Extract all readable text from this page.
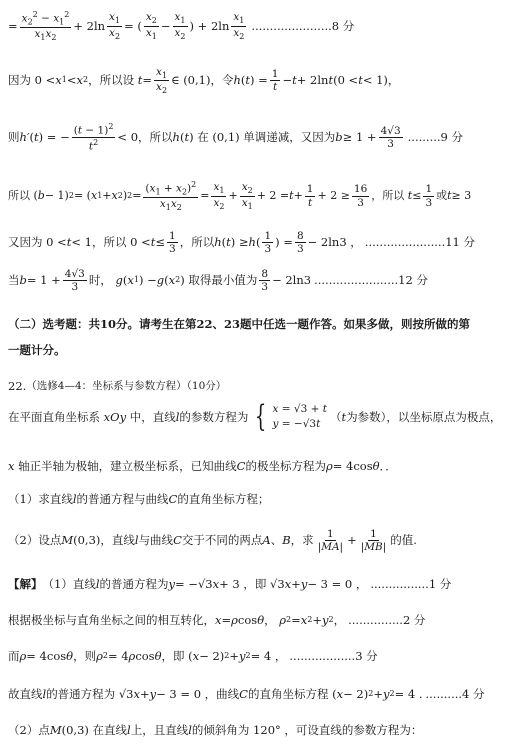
= $\frac{x_2^2 - x_1^2}{x_1x_2} + 2\ln \frac{x_1}{x_2}$ = ( $\frac{x_2}{x_1} - \frac{x_1}{x_2}$ ) + $2\ln \frac{x_1}{x_2} ......................8$ 分
因为 0 < x 1 < x 2 ，所以设 $t = \frac{x_1}{x_2}$ ∈ (0,1)，令 h ( t ) = $\frac{1}{t} - t + 2\ln$ t (0 < t < 1)，
则 h ′( t ) = − $\frac{(t - 1)^2}{t^2} < 0$，所以 h ( t ) 在 (0,1) 单调递减，又因为 $b \ge 1 + \frac{4√3}{3} .........9$ 分
所以 ( b − 1) 2 = ( x 1 + x 2 ) $2 = \frac{(x_1 + x_2)^2}{x_1x_2} = \frac{x_1}{x_2} + \frac{x_2}{x_1} + 2 = t + \frac{1}{t} + 2 \ge \frac{16}{3}$ ，所以 $t \le \frac{1}{3}$ 或 t ≥ 3
又因为 0 < t < 1，所以 $0 < t \le \frac{1}{3}$ ，所以 h ( t ) ≥ h ( $\frac{1}{3}$ ) = $\frac{8}{3} - 2\ln 3$ ， ......................11 分
当 $b = 1 + \frac{4√3}{3}$ 时， g ( x 1 ) − g ( x 2 ) 取得最小值为 $\frac{8}{3} - 2\ln 3$ .......................12 分
（二）选考题：共10分。请考生在第22、23题中任选一题作答。如果多做，则按所做的第
一题计分。
22. （选修4—4：坐标系与参数方程）（10分）
在平面直角坐标系 xOy 中，直线 l 的参数方程为 { x = √3 + t
y = −√3t
（ t 为参数），以坐标原点为极点，
x 轴正半轴为极轴，建立极坐标系，已知曲线 C 的极坐标方程为 ρ = 4cos θ ．．
（1）求直线 l 的普通方程与曲线 C 的直角坐标方程；
（2）设点 M (0,3)，直线 l 与曲线 C 交于不同的两点 A 、 B ，求 $\frac{1}{|MA|} + \frac{1}{|MB|}$ 的值.
【解】 （1）直线 l 的普通方程为 y = −√3 x + 3 ，即 √3 x + y − 3 = 0 ， ................1 分
根据极坐标与直角坐标之间的相互转化， x = ρ cos θ ， ρ 2 = x 2 + y 2 ， ...............2 分
而 ρ = 4cos θ ，则 ρ 2 = 4 ρ cos θ ，即 ( x − 2) 2 + y 2 = 4 ， ..................3 分
故直线 l 的普通方程为 √3 x + y − 3 = 0 ，曲线 C 的直角坐标方程 ( x − 2) 2 + y 2 = 4 . ..........4 分
（2）点 M (0,3) 在直线 l 上，且直线 l 的倾斜角为 120° ，可设直线的参数方程为：
